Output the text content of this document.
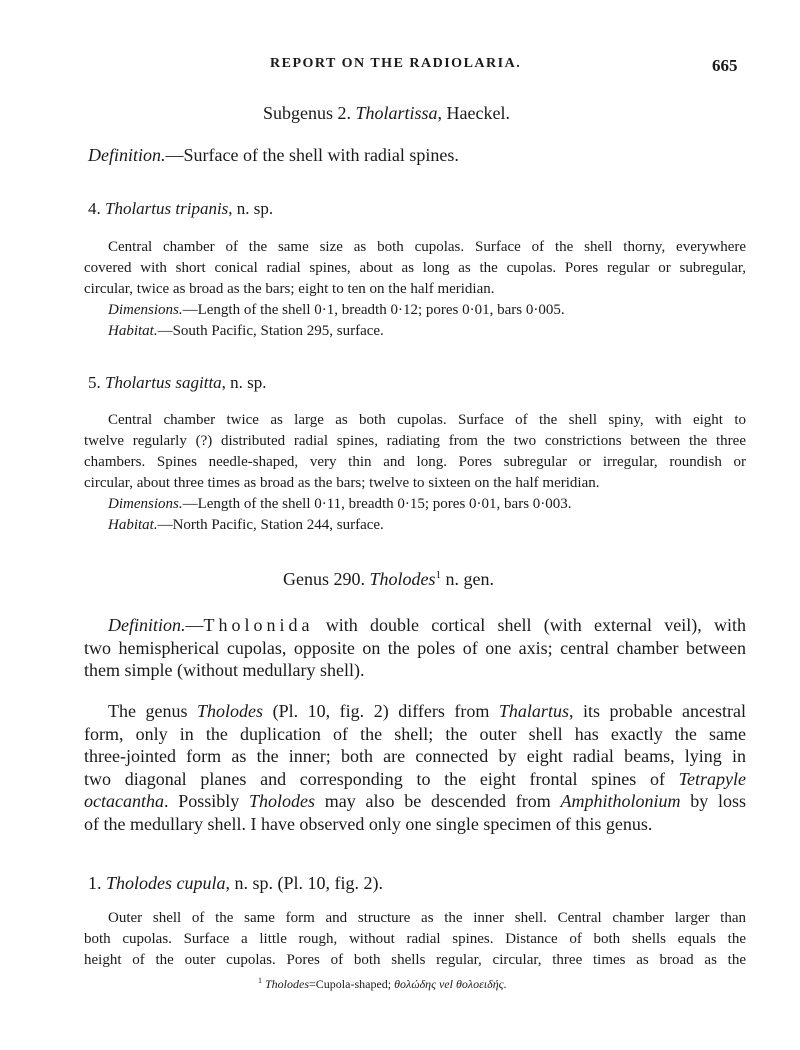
REPORT ON THE RADIOLARIA.	665
Subgenus 2. Tholartissa, Haeckel.
Definition.—Surface of the shell with radial spines.
4. Tholartus tripanis, n. sp.
Central chamber of the same size as both cupolas. Surface of the shell thorny, everywhere
covered with short conical radial spines, about as long as the cupolas. Pores regular or subregular,
circular, twice as broad as the bars; eight to ten on the half meridian.
Dimensions.—Length of the shell 0·1, breadth 0·12; pores 0·01, bars 0·005.
Habitat.—South Pacific, Station 295, surface.
5. Tholartus sagitta, n. sp.
Central chamber twice as large as both cupolas. Surface of the shell spiny, with eight to
twelve regularly (?) distributed radial spines, radiating from the two constrictions between the three
chambers. Spines needle-shaped, very thin and long. Pores subregular or irregular, roundish or
circular, about three times as broad as the bars; twelve to sixteen on the half meridian.
Dimensions.—Length of the shell 0·11, breadth 0·15; pores 0·01, bars 0·003.
Habitat.—North Pacific, Station 244, surface.
Genus 290. Tholodes$^1$ n. gen.
Definition.—Tholonida with double cortical shell (with external veil), with
two hemispherical cupolas, opposite on the poles of one axis; central chamber between
them simple (without medullary shell).
The genus Tholodes (Pl. 10, fig. 2) differs from Thalartus, its probable ancestral
form, only in the duplication of the shell; the outer shell has exactly the same
three-jointed form as the inner; both are connected by eight radial beams, lying in
two diagonal planes and corresponding to the eight frontal spines of Tetrapyle
octacantha. Possibly Tholodes may also be descended from Amphitholonium by loss
of the medullary shell. I have observed only one single specimen of this genus.
1. Tholodes cupula, n. sp. (Pl. 10, fig. 2).
Outer shell of the same form and structure as the inner shell. Central chamber larger than
both cupolas. Surface a little rough, without radial spines. Distance of both shells equals the
height of the outer cupolas. Pores of both shells regular, circular, three times as broad as the
$^1$ Tholodes=Cupola-shaped; θολώδης vel θολοειδής.
